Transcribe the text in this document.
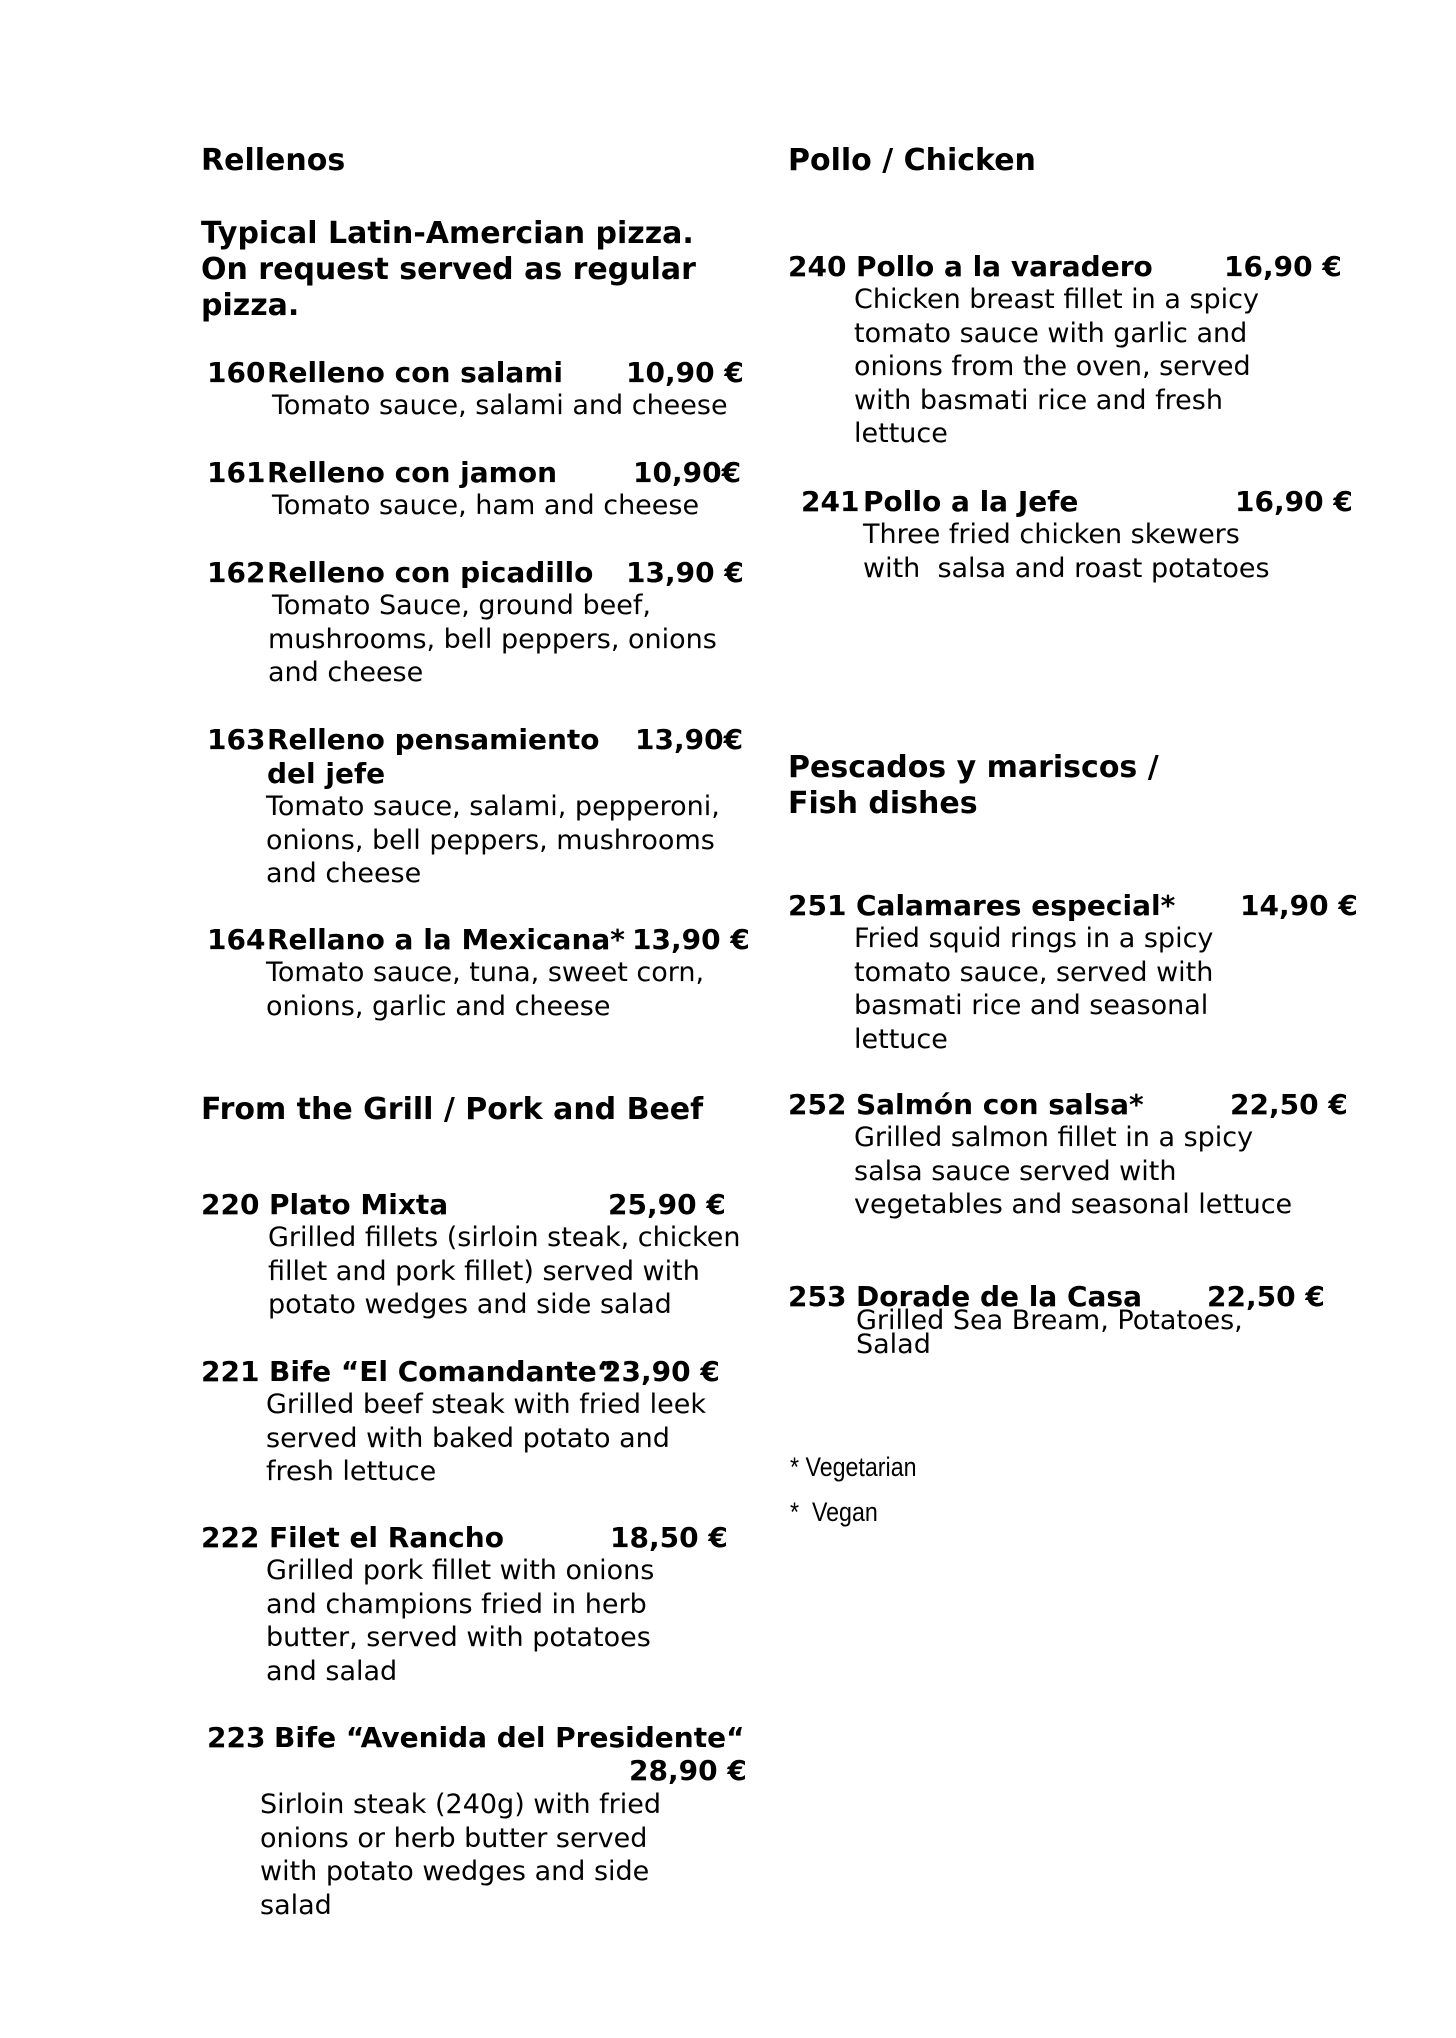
Rellenos
Typical Latin-Amercian pizza. On request served as regular pizza.
160 Relleno con salami 10,90 €
Tomato sauce, salami and cheese
161 Relleno con jamon	10,90€
Tomato sauce, ham and cheese
162 Relleno con picadillo 13,90 €
Tomato Sauce, ground beef, mushrooms, bell peppers, onions and cheese
163 Relleno pensamiento del jefe
13,90€
Tomato sauce, salami, pepperoni, onions, bell peppers, mushrooms and cheese
164 Rellano a la Mexicana* 13,90 €
Tomato sauce, tuna, sweet corn, onions, garlic and cheese
From the Grill / Pork and Beef
220 Plato Mixta	25,90 €
Grilled fillets (sirloin steak, chicken fillet and pork fillet) served with potato wedges and side salad
221 Bife “El Comandante“
23,90 €
Grilled beef steak with fried leek served with baked potato and fresh lettuce
222 Filet el Rancho	18,50 €
Grilled pork fillet with onions and champions fried in herb butter, served with potatoes and salad
223 Bife “Avenida del Presidente“
28,90 €
Sirloin steak (240g) with fried onions or herb butter served with potato wedges and side salad
Pollo / Chicken
240 Pollo a la varadero	16,90 €
Chicken breast fillet in a spicy tomato sauce with garlic and onions from the oven, served with basmati rice and fresh lettuce
241 Pollo a la Jefe	16,90 €
Three fried chicken skewers with  salsa and roast potatoes
Pescados y mariscos / Fish dishes
251 Calamares especial* 14,90 €
Fried squid rings in a spicy tomato sauce, served with basmati rice and seasonal lettuce
252 Salmón con salsa*	22,50 €
Grilled salmon fillet in a spicy salsa sauce served with vegetables and seasonal lettuce
253 Dorade de la Casa 22,50 €
Grilled Sea Bream, Potatoes, Salad
* Vegetarian
*  Vegan
